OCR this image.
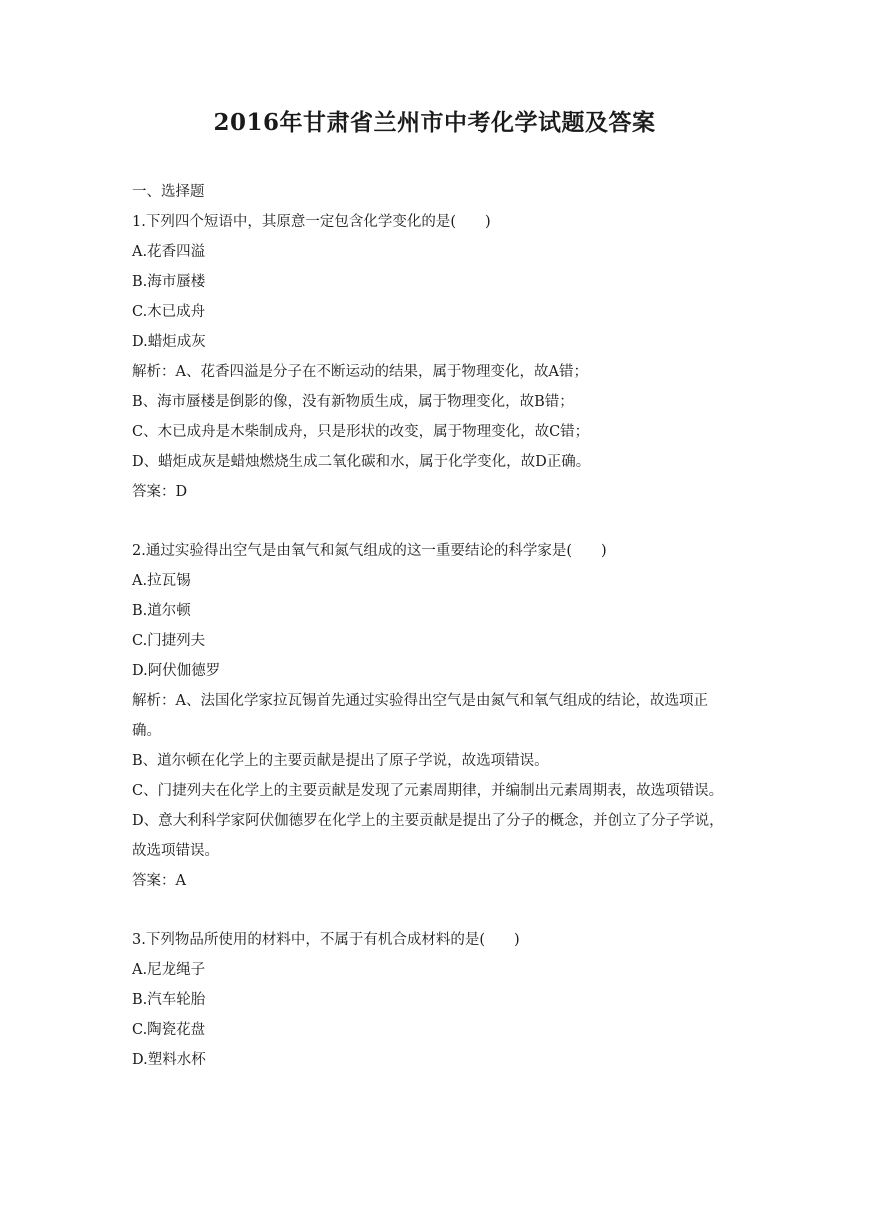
2016年甘肃省兰州市中考化学试题及答案
一、选择题
1.下列四个短语中，其原意一定包含化学变化的是(　　)
A.花香四溢
B.海市蜃楼
C.木已成舟
D.蜡炬成灰
解析：A、花香四溢是分子在不断运动的结果，属于物理变化，故A错；
B、海市蜃楼是倒影的像，没有新物质生成，属于物理变化，故B错；
C、木已成舟是木柴制成舟，只是形状的改变，属于物理变化，故C错；
D、蜡炬成灰是蜡烛燃烧生成二氧化碳和水，属于化学变化，故D正确。
答案：D
2.通过实验得出空气是由氧气和氮气组成的这一重要结论的科学家是(　　)
A.拉瓦锡
B.道尔顿
C.门捷列夫
D.阿伏伽德罗
解析：A、法国化学家拉瓦锡首先通过实验得出空气是由氮气和氧气组成的结论，故选项正
确。
B、道尔顿在化学上的主要贡献是提出了原子学说，故选项错误。
C、门捷列夫在化学上的主要贡献是发现了元素周期律，并编制出元素周期表，故选项错误。
D、意大利科学家阿伏伽德罗在化学上的主要贡献是提出了分子的概念，并创立了分子学说，
故选项错误。
答案：A
3.下列物品所使用的材料中，不属于有机合成材料的是(　　)
A.尼龙绳子
B.汽车轮胎
C.陶瓷花盘
D.塑料水杯
